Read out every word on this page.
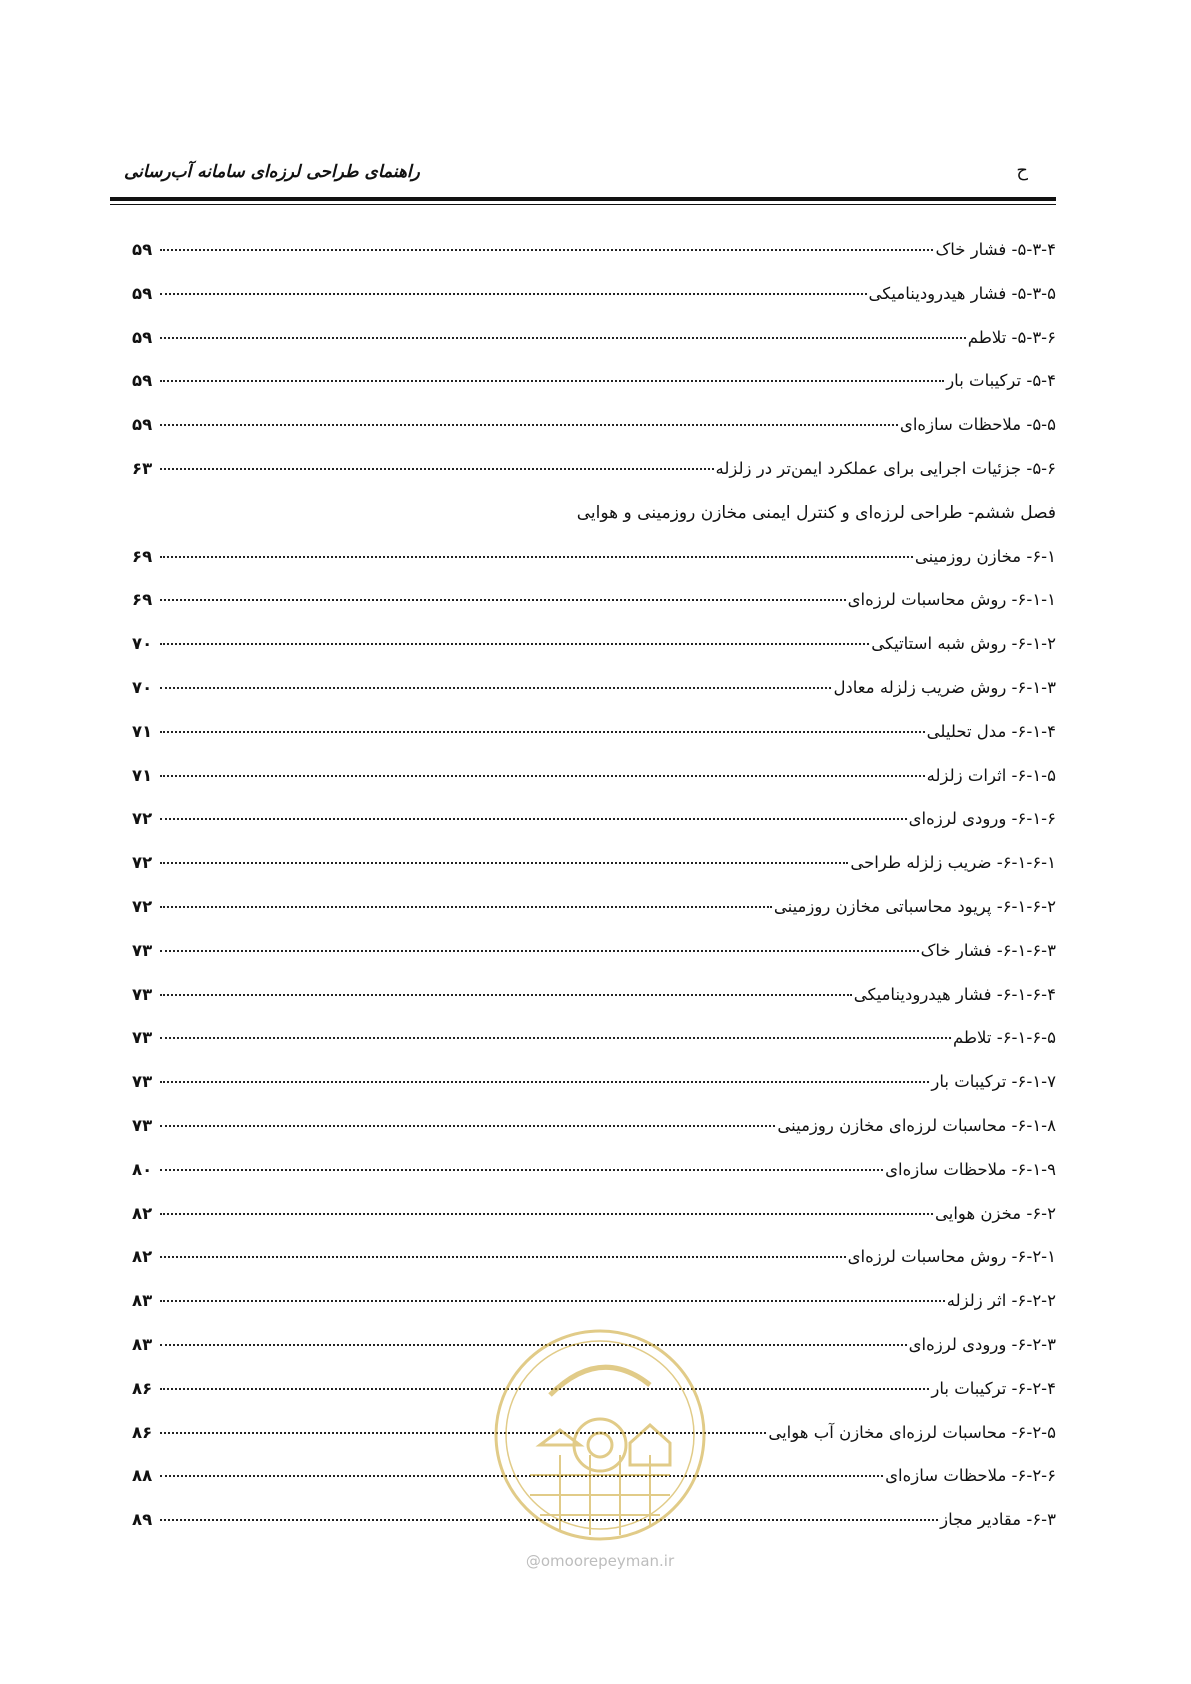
راهنمای طراحی لرزه‌ای سامانه آب‌رسانی	ح
۵-۳-۴- فشار خاک
۵۹
۵-۳-۵- فشار هیدرودینامیکی
۵۹
۵-۳-۶- تلاطم
۵۹
۵-۴- ترکیبات بار
۵۹
۵-۵- ملاحظات سازه‌ای
۵۹
۵-۶- جزئیات اجرایی برای عملکرد ایمن‌تر در زلزله
۶۳
فصل ششم- طراحی لرزه‌ای و کنترل ایمنی مخازن روزمینی و هوایی
۶-۱- مخازن روزمینی
۶۹
۶-۱-۱- روش محاسبات لرزه‌ای
۶۹
۶-۱-۲- روش شبه استاتیکی
۷۰
۶-۱-۳- روش ضریب زلزله معادل
۷۰
۶-۱-۴- مدل تحلیلی
۷۱
۶-۱-۵- اثرات زلزله
۷۱
۶-۱-۶- ورودی لرزه‌ای
۷۲
۶-۱-۶-۱- ضریب زلزله طراحی
۷۲
۶-۱-۶-۲- پریود محاسباتی مخازن روزمینی
۷۲
۶-۱-۶-۳- فشار خاک
۷۳
۶-۱-۶-۴- فشار هیدرودینامیکی
۷۳
۶-۱-۶-۵- تلاطم
۷۳
۶-۱-۷- ترکیبات بار
۷۳
۶-۱-۸- محاسبات لرزه‌ای مخازن روزمینی
۷۳
۶-۱-۹- ملاحظات سازه‌ای
۸۰
۶-۲- مخزن هوایی
۸۲
۶-۲-۱- روش محاسبات لرزه‌ای
۸۲
۶-۲-۲- اثر زلزله
۸۳
۶-۲-۳- ورودی لرزه‌ای
۸۳
۶-۲-۴- ترکیبات بار
۸۶
۶-۲-۵- محاسبات لرزه‌ای مخازن آب هوایی
۸۶
۶-۲-۶- ملاحظات سازه‌ای
۸۸
۶-۳- مقادیر مجاز
۸۹
@omoorepeyman.ir
